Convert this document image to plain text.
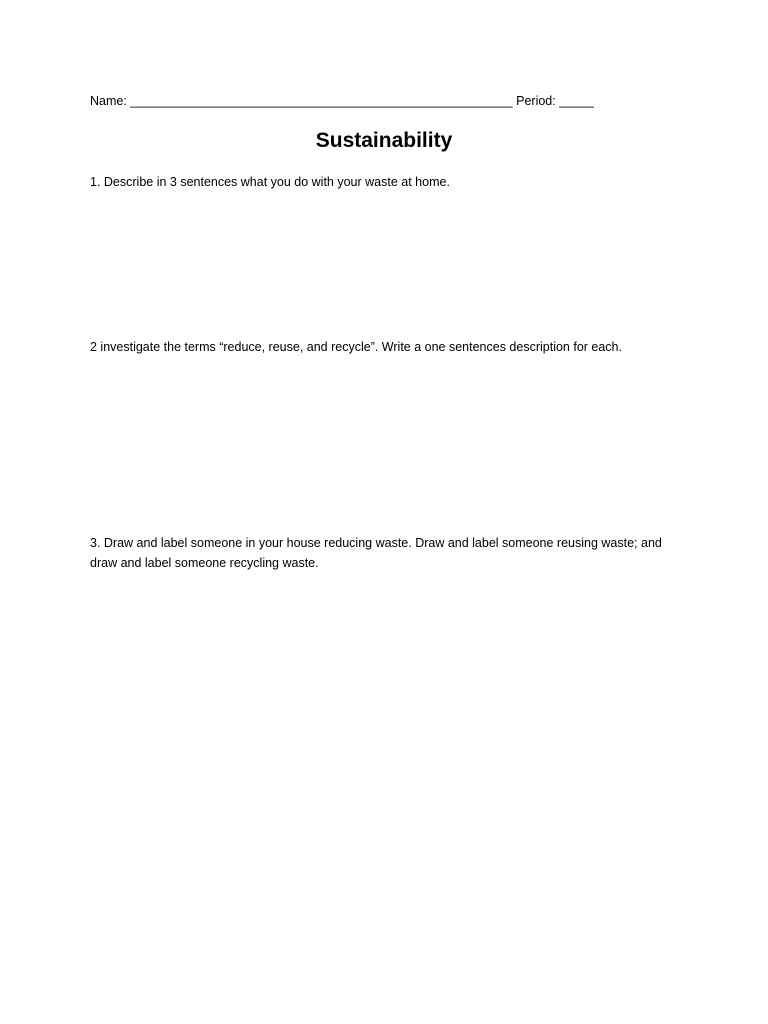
Name: _______________________________________________________ Period: _____
Sustainability
1. Describe in 3 sentences what you do with your waste at home.
2 investigate the terms “reduce, reuse, and recycle”. Write a one sentences description for each.
3. Draw and label someone in your house reducing waste. Draw and label someone reusing waste; and draw and label someone recycling waste.
